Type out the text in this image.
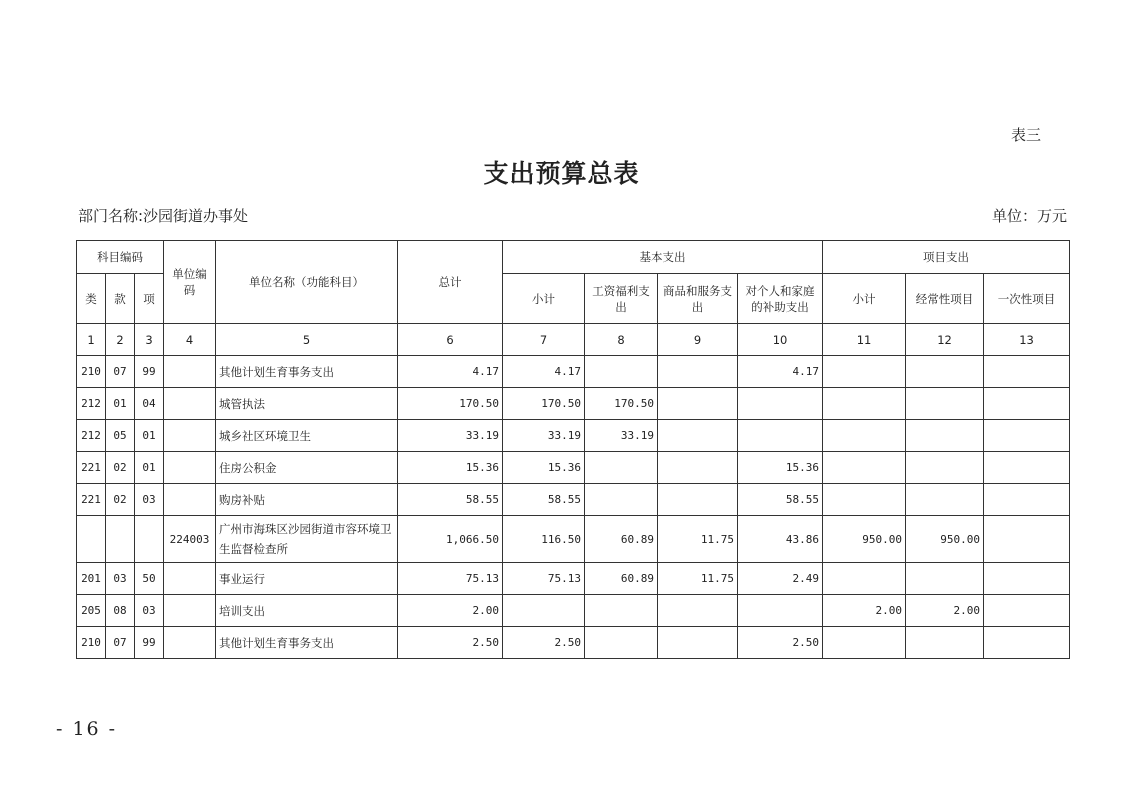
表三
支出预算总表
部门名称:沙园街道办事处	单位：万元
科目编码			单位编码	单位名称（功能科目）	总计	基本支出				项目支出		
类	款	项				小计	工资福利支出	商品和服务支出	对个人和家庭的补助支出	小计	经常性项目	一次性项目
1	2	3	4	5	6	7	8	9	10	11	12	13
210	07	99		其他计划生育事务支出	4.17	4.17			4.17			
212	01	04		城管执法	170.50	170.50	170.50					
212	05	01		城乡社区环境卫生	33.19	33.19	33.19					
221	02	01		住房公积金	15.36	15.36			15.36			
221	02	03		购房补贴	58.55	58.55			58.55			
			224003	广州市海珠区沙园街道市容环境卫生监督检查所	1,066.50	116.50	60.89	11.75	43.86	950.00	950.00	
201	03	50		事业运行	75.13	75.13	60.89	11.75	2.49			
205	08	03		培训支出	2.00					2.00	2.00	
210	07	99		其他计划生育事务支出	2.50	2.50			2.50			
- 16 -
